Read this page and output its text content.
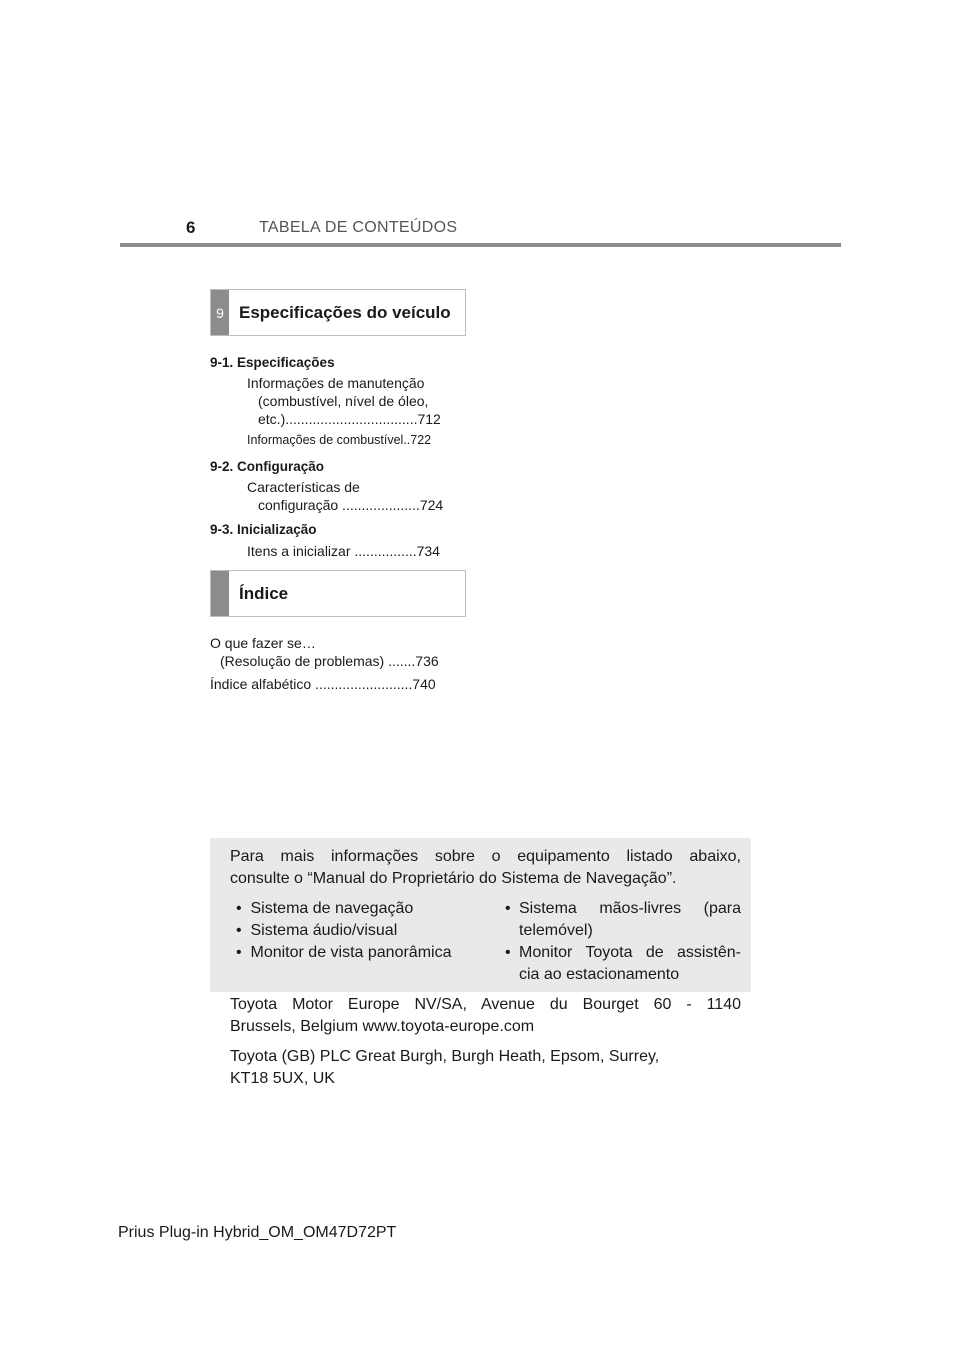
6	TABELA DE CONTEÚDOS
9 Especificações do veículo
9-1. Especificações
Informações de manutenção
(combustível, nível de óleo,
etc.)..................................712
Informações de combustível..722
9-2. Configuração
Características de
configuração ....................724
9-3. Inicialização
Itens a inicializar ................734
Índice
O que fazer se…
(Resolução de problemas) .......736
Índice alfabético .........................740
Para mais informações sobre o equipamento listado abaixo,
consulte o “Manual do Proprietário do Sistema de Navegação”.
• Sistema de navegação
• Sistema áudio/visual
• Monitor de vista panorâmica
• Sistema mãos-livres (para
telemóvel)
• Monitor Toyota de assistên-
cia ao estacionamento
Toyota Motor Europe NV/SA, Avenue du Bourget 60 - 1140
Brussels, Belgium www.toyota-europe.com
Toyota (GB) PLC Great Burgh, Burgh Heath, Epsom, Surrey,
KT18 5UX, UK
Prius Plug-in Hybrid_OM_OM47D72PT
